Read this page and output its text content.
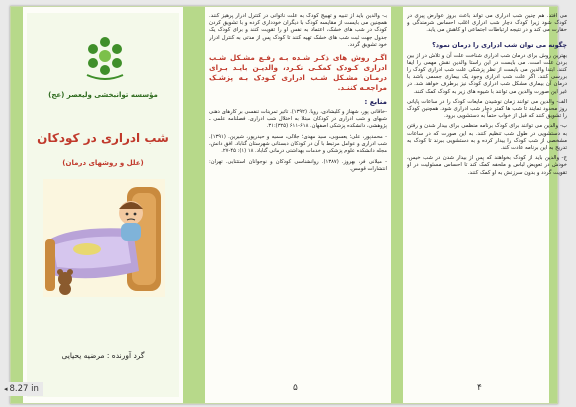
مؤسسه توانبخشی ولیعصر (عج)
شب ادراری در کودکان
(علل و روشهای درمان)
گرد آورنده : مرضیه یحیایی

بـ- والدین باید از تنبیه و تهییج کودک به علت ناتوانی در کنترل ادرار پرهیز کنند. همچنین می بایست از مقایسه کودک با دیگران خودداری کرده و با تشویق کردن کودک در شب های خشک، اعتماد به نفس او را تقویت کنند و برای کودک یک جدول جهت ثبت شب های خشک تهیه کنند تا کودک پس از مدتی به کنترل ادرار خود تشویق گردد.

اگـر روش های ذکـر شـده بـه رفـع مشـکل شـب ادراری کـودک کمکـی نکـرد، والدیـن بایـد بـرای درمـان مشـکل شـب ادراری کـودک بـه پزشـک مراجعـه کننـد.

منابع :

-خاقانی پور، شهناز و کلیشادی، رویا. (۱۳۹۲). تاثیر تمرینات تنفسی بر کارهای ذهنی شبهای و شب ادراری در کودکان مبتلا به اختلال شب ادراری. فصلنامه علمی ـ پژوهشی، دانشکده پزشکی اصفهان. ۶۱۸-۶۱۱ (۳۲۵):۳۱.

- محمدپور، علی؛ یعسوبی، سید مهدی؛ جلالی، سمیه و حیدرپور، شیرین. (۱۳۹۱). شب ادراری و عوامل مرتبط با آن در کودکان دبستانی شهرستان گناباد. افق دانش، مجله دانشکده علوم پزشکی و خدمات بهداشتی درمانی گناباد. ۱۸ (۱): ۴۵-۲۷.

- میلانی فر، بهروز. (۱۳۸۷). روانشناسی کودکان و نوجوانان استثنایی. تهران: انتشارات قومس.

۵

می افتد. هم چنین شب ادراری می تواند باعث بروز عوارض پیری در کودک شود زیرا کودک دچار شب ادراری اغلب احساس شرمندگی و حقارت می کند و در نتیجه ارتباطات اجتماعی او کاهش می یابد.

چگونه می توان شب ادراری را درمان نمود؟

بهترین روش برای درمان شب ادراری شناخت علت آن و تلاش در از بین بردن علت است. می بایست در این راستا والدین نقش مهمی را ایفا کنند. ابتدا والدین می بایست از نظر پزشکی علت شب ادراری کودک را بررسی کنند. اگر علت شب ادراری وجود یک بیماری جسمی باشد با درمان آن بیماری مشکل شب ادراری کودک نیز برطرف خواهد شد. در غیر این صورت والدین می توانند با شیوه های زیر به کودک کمک کنند.

الف- والدین می توانند زمان نوشیدن مایعات کودک را در ساعات پایانی روز محدود نمایند تا شب ها کمتر دچار شب ادراری شود. همچنین کودک را تشویق کنند که قبل از خواب حتماً به دستشویی برود.

ب- والدین می توانند برای کودک برنامه منظمی برای بیدار شدن و رفتن به دستشویی در طول شب تنظیم کنند. به این صورت که در ساعات مشخصی از شب کودک را بیدار کرده و به دستشویی ببرند تا کودک به تدریج به این برنامه عادت کند.

ج- والدین باید از کودک بخواهند که پس از بیدار شدن در شب خیس، خودش در تعویض لباس و ملحفه کمک کند تا احساس مسئولیت در او تقویت گردد و بدون سرزنش به او کمک کنند.

۴
◂ 8.27 in
